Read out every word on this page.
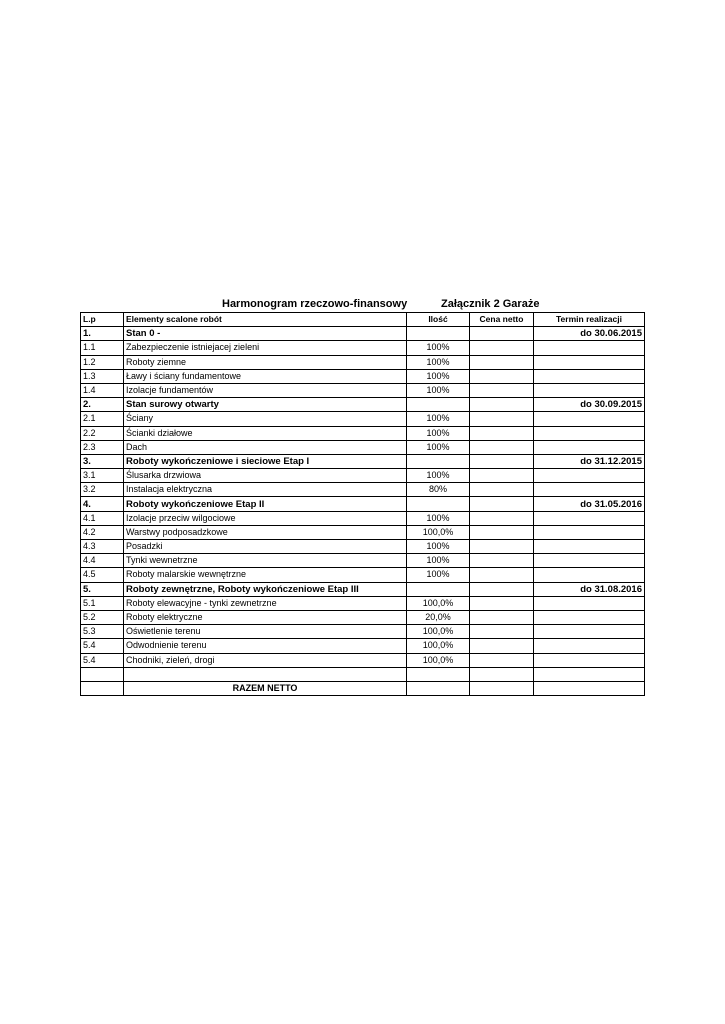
Harmonogram rzeczowo-finansowy	Załącznik 2 Garaże
L.p	Elementy scalone robót	Ilość	Cena netto	Termin realizacji
1.	Stan 0 -			do 30.06.2015
1.1	Zabezpieczenie istniejacej zieleni	100%		
1.2	Roboty ziemne	100%		
1.3	Ławy i ściany fundamentowe	100%		
1.4	Izolacje fundamentów	100%		
2.	Stan surowy otwarty			do 30.09.2015
2.1	Ściany	100%		
2.2	Ścianki działowe	100%		
2.3	Dach	100%		
3.	Roboty wykończeniowe i sieciowe Etap I			do 31.12.2015
3.1	Ślusarka drzwiowa	100%		
3.2	Instalacja elektryczna	80%		
4.	Roboty wykończeniowe Etap II			do 31.05.2016
4.1	Izolacje przeciw wilgociowe	100%		
4.2	Warstwy podposadzkowe	100,0%		
4.3	Posadzki	100%		
4.4	Tynki wewnetrzne	100%		
4.5	Roboty malarskie wewnętrzne	100%		
5.	Roboty zewnętrzne, Roboty wykończeniowe Etap III			do 31.08.2016
5.1	Roboty elewacyjne - tynki zewnetrzne	100,0%		
5.2	Roboty elektryczne	20,0%		
5.3	Oświetlenie terenu	100,0%		
5.4	Odwodnienie terenu	100,0%		
5.4	Chodniki, zieleń, drogi	100,0%		

	RAZEM NETTO			
